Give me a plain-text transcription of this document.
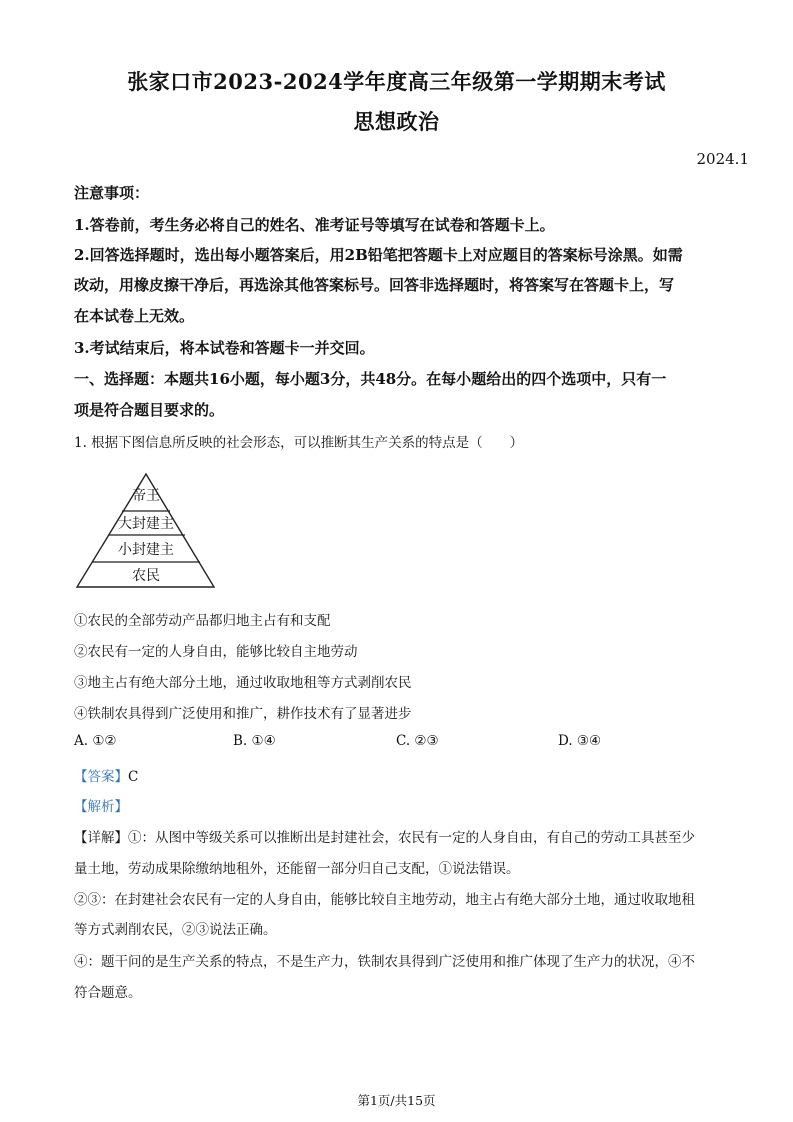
张家口市2023-2024学年度高三年级第一学期期末考试
思想政治
2024.1
注意事项：
1.答卷前，考生务必将自己的姓名、准考证号等填写在试卷和答题卡上。
2.回答选择题时，选出每小题答案后，用2B铅笔把答题卡上对应题目的答案标号涂黑。如需
改动，用橡皮擦干净后，再选涂其他答案标号。回答非选择题时，将答案写在答题卡上，写
在本试卷上无效。
3.考试结束后，将本试卷和答题卡一并交回。
一、选择题：本题共16小题，每小题3分，共48分。在每小题给出的四个选项中，只有一
项是符合题目要求的。
1. 根据下图信息所反映的社会形态，可以推断其生产关系的特点是（　　）
帝王
大封建主
小封建主
农民
①农民的全部劳动产品都归地主占有和支配
②农民有一定的人身自由，能够比较自主地劳动
③地主占有绝大部分土地，通过收取地租等方式剥削农民
④铁制农具得到广泛使用和推广，耕作技术有了显著进步
A. ①②	B. ①④	C. ②③	D. ③④
【答案】C
【解析】
【详解】①：从图中等级关系可以推断出是封建社会，农民有一定的人身自由，有自己的劳动工具甚至少
量土地，劳动成果除缴纳地租外，还能留一部分归自己支配，①说法错误。
②③：在封建社会农民有一定的人身自由，能够比较自主地劳动，地主占有绝大部分土地，通过收取地租
等方式剥削农民，②③说法正确。
④：题干问的是生产关系的特点，不是生产力，铁制农具得到广泛使用和推广体现了生产力的状况，④不
符合题意。
第1页/共15页
